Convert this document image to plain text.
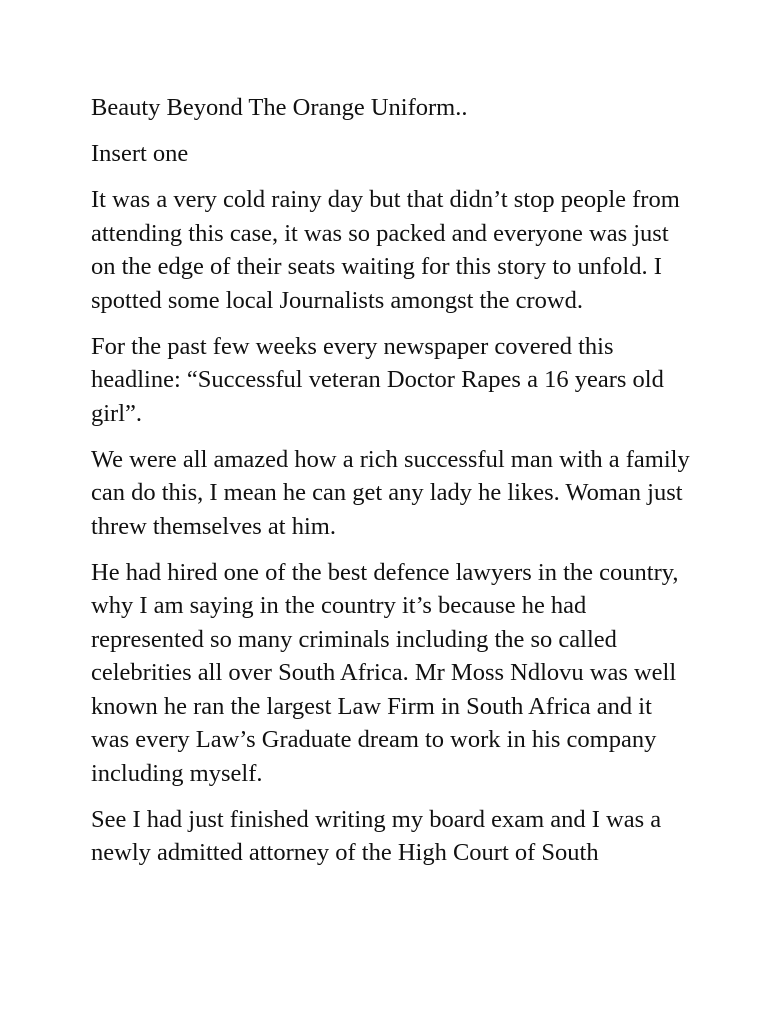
Beauty Beyond The Orange Uniform..

Insert one

It was a very cold rainy day but that didn’t stop people from attending this case, it was so packed and everyone was just on the edge of their seats waiting for this story to unfold. I spotted some local Journalists amongst the crowd.

For the past few weeks every newspaper covered this headline: “Successful veteran Doctor Rapes a 16 years old girl”.

We were all amazed how a rich successful man with a family can do this, I mean he can get any lady he likes. Woman just threw themselves at him.

He had hired one of the best defence lawyers in the country, why I am saying in the country it’s because he had represented so many criminals including the so called celebrities all over South Africa. Mr Moss Ndlovu was well known he ran the largest Law Firm in South Africa and it was every Law’s Graduate dream to work in his company including myself.

See I had just finished writing my board exam and I was a newly admitted attorney of the High Court of South
